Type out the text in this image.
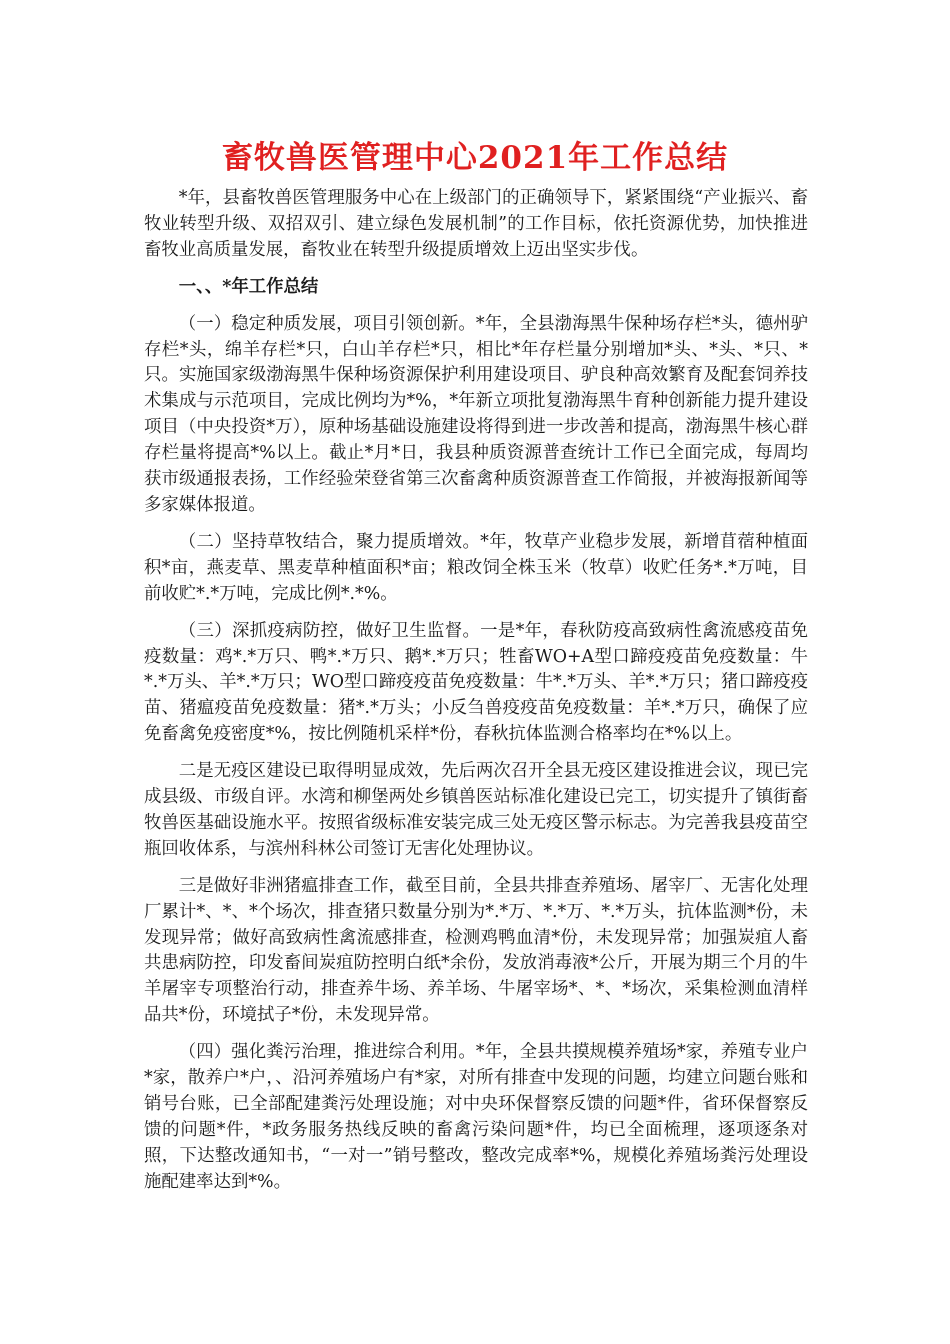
畜牧兽医管理中心2021年工作总结

*年，县畜牧兽医管理服务中心在上级部门的正确领导下，紧紧围绕“产业振兴、畜牧业转型升级、双招双引、建立绿色发展机制”的工作目标，依托资源优势，加快推进畜牧业高质量发展，畜牧业在转型升级提质增效上迈出坚实步伐。

一、、*年工作总结

（一）稳定种质发展，项目引领创新。*年，全县渤海黑牛保种场存栏*头，德州驴存栏*头，绵羊存栏*只，白山羊存栏*只，相比*年存栏量分别增加*头、*头、*只、*只。实施国家级渤海黑牛保种场资源保护利用建设项目、驴良种高效繁育及配套饲养技术集成与示范项目，完成比例均为*%，*年新立项批复渤海黑牛育种创新能力提升建设项目（中央投资*万），原种场基础设施建设将得到进一步改善和提高，渤海黑牛核心群存栏量将提高*%以上。截止*月*日，我县种质资源普查统计工作已全面完成，每周均获市级通报表扬，工作经验荣登省第三次畜禽种质资源普查工作简报，并被海报新闻等多家媒体报道。

（二）坚持草牧结合，聚力提质增效。*年，牧草产业稳步发展，新增苜蓿种植面积*亩，燕麦草、黑麦草种植面积*亩；粮改饲全株玉米（牧草）收贮任务*.*万吨，目前收贮*.*万吨，完成比例*.*%。

（三）深抓疫病防控，做好卫生监督。一是*年，春秋防疫高致病性禽流感疫苗免疫数量：鸡*.*万只、鸭*.*万只、鹅*.*万只；牲畜WO+A型口蹄疫疫苗免疫数量：牛*.*万头、羊*.*万只；WO型口蹄疫疫苗免疫数量：牛*.*万头、羊*.*万只；猪口蹄疫疫苗、猪瘟疫苗免疫数量：猪*.*万头；小反刍兽疫疫苗免疫数量：羊*.*万只，确保了应免畜禽免疫密度*%，按比例随机采样*份，春秋抗体监测合格率均在*%以上。

二是无疫区建设已取得明显成效，先后两次召开全县无疫区建设推进会议，现已完成县级、市级自评。水湾和柳堡两处乡镇兽医站标准化建设已完工，切实提升了镇街畜牧兽医基础设施水平。按照省级标准安装完成三处无疫区警示标志。为完善我县疫苗空瓶回收体系，与滨州科林公司签订无害化处理协议。

三是做好非洲猪瘟排查工作，截至目前，全县共排查养殖场、屠宰厂、无害化处理厂累计*、*、*个场次，排查猪只数量分别为*.*万、*.*万、*.*万头，抗体监测*份，未发现异常；做好高致病性禽流感排查，检测鸡鸭血清*份，未发现异常；加强炭疽人畜共患病防控，印发畜间炭疽防控明白纸*余份，发放消毒液*公斤，开展为期三个月的牛羊屠宰专项整治行动，排查养牛场、养羊场、牛屠宰场*、*、*场次，采集检测血清样品共*份，环境拭子*份，未发现异常。

（四）强化粪污治理，推进综合利用。*年，全县共摸规模养殖场*家，养殖专业户*家，散养户*户，、沿河养殖场户有*家，对所有排查中发现的问题，均建立问题台账和销号台账，已全部配建粪污处理设施；对中央环保督察反馈的问题*件，省环保督察反馈的问题*件，*政务服务热线反映的畜禽污染问题*件，均已全面梳理，逐项逐条对照，下达整改通知书，“一对一”销号整改，整改完成率*%，规模化养殖场粪污处理设施配建率达到*%。
